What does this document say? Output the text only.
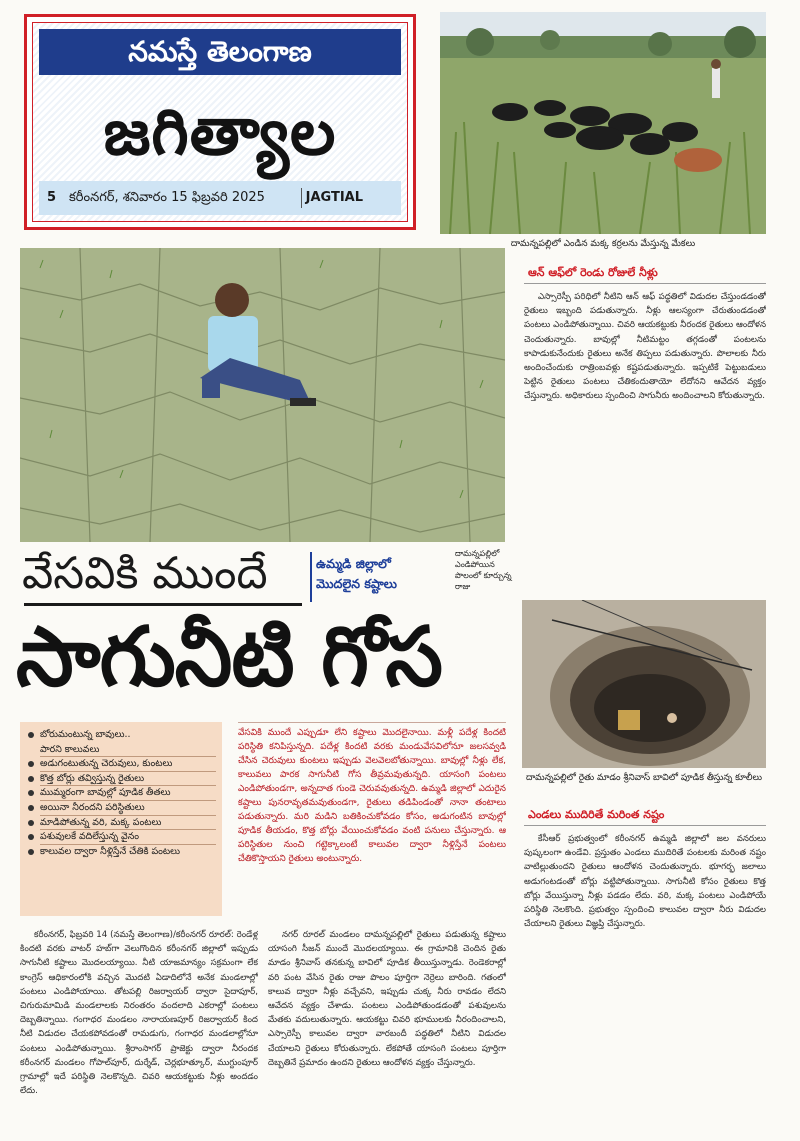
నమస్తే తెలంగాణ
జగిత్యాల
5 కరీంనగర్, శనివారం 15 ఫిబ్రవరి 2025	JAGTIAL
దామన్నపల్లిలో ఎండిన మక్క కర్రలను మేస్తున్న మేకలు
ఆన్ ఆఫ్‌లో రెండు రోజులే నీళ్లు

ఎస్సారెస్పీ పరిధిలో నీటిని ఆన్ ఆఫ్ పద్ధతిలో విడుదల చేస్తుండడంతో రైతులు ఇబ్బంది పడుతున్నారు. నీళ్లు ఆలస్యంగా చేరుతుండడంతో పంటలు ఎండిపోతున్నాయి. చివరి ఆయకట్టుకు నీరందక రైతులు ఆందోళన చెందుతున్నారు. బావుల్లో నీటిమట్టం తగ్గడంతో పంటలను కాపాడుకునేందుకు రైతులు అనేక తిప్పలు పడుతున్నారు. పొలాలకు నీరు అందించేందుకు రాత్రింబవళ్లు కష్టపడుతున్నారు. ఇప్పటికే పెట్టుబడులు పెట్టిన రైతులు పంటలు చేతికందుతాయో లేదోనని ఆవేదన వ్యక్తం చేస్తున్నారు. అధికారులు స్పందించి సాగునీరు అందించాలని కోరుతున్నారు.

వేసవికి ముందే	ఉమ్మడి జిల్లాలో
మొదలైన కష్టాలు
దామన్నపల్లిలో ఎండిపోయిన పొలంలో కూర్చున్న రాజు
సాగునీటి గోస
దామన్నపల్లిలో రైతు మాడం శ్రీనివాస్ బావిలో పూడిక తీస్తున్న కూలీలు
ఎండలు ముదిరితే మరింత నష్టం

కేసీఆర్ ప్రభుత్వంలో కరీంనగర్ ఉమ్మడి జిల్లాలో జల వనరులు పుష్కలంగా ఉండేవి. ప్రస్తుతం ఎండలు ముదిరితే పంటలకు మరింత నష్టం వాటిల్లుతుందని రైతులు ఆందోళన చెందుతున్నారు. భూగర్భ జలాలు అడుగంటడంతో బోర్లు వట్టిపోతున్నాయి. సాగునీటి కోసం రైతులు కొత్త బోర్లు వేయిస్తున్నా నీళ్లు పడడం లేదు. వరి, మక్క పంటలు ఎండిపోయే పరిస్థితి నెలకొంది. ప్రభుత్వం స్పందించి కాలువల ద్వారా నీరు విడుదల చేయాలని రైతులు విజ్ఞప్తి చేస్తున్నారు.

బోరుమంటున్న బావులు..
పారని కాలువలు
అడుగంటుతున్న చెరువులు, కుంటలు
కొత్త బోర్లు తవ్విస్తున్న రైతులు
ముమ్మరంగా బావుల్లో పూడిక తీతలు
అయినా నీరందని పరిస్థితులు
మాడిపోతున్న వరి, మక్క పంటలు
పశువులకే వదిలేస్తున్న వైనం
కాలువల ద్వారా నీళ్లిస్తేనే చేతికి పంటలు
వేసవికి ముందే ఎప్పుడూ లేని కష్టాలు మొదలైనాయి. మళ్లీ పదేళ్ల కిందటి పరిస్థితి కనిపిస్తున్నది. పదేళ్ల కిందటి వరకు మండువేసవిలోనూ జలసవ్వడి చేసిన చెరువులు కుంటలు ఇప్పుడు వెలవెలబోతున్నాయి. బావుల్లో నీళ్లు లేక, కాలువలు పారక సాగునీటి గోస తీవ్రమవుతున్నది. యాసంగి పంటలు ఎండిపోతుండగా, అన్నదాత గుండె చెరువవుతున్నది. ఉమ్మడి జిల్లాలో ఎదురైన కష్టాలు పునరావృతమవుతుండగా, రైతులు తడిపిండంతో నానా తంటాలు పడుతున్నారు. మరి మడిని బతికించుకోవడం కోసం, అడుగంటిన బావుల్లో పూడిక తీయడం, కొత్త బోర్లు వేయించుకోవడం వంటి పనులు చేస్తున్నారు. ఆ పరిస్థితుల నుంచి గట్టెక్కాలంటే కాలువల ద్వారా నీళ్లిస్తేనే పంటలు చేతికొస్తాయని రైతులు అంటున్నారు.

కరీంనగర్, ఫిబ్రవరి 14 (నమస్తే తెలంగాణ)/కరీంనగర్ రూరల్: రెండేళ్ల కిందటి వరకు వాటర్ హబ్‌గా వెలుగొందిన కరీంనగర్ జిల్లాలో ఇప్పుడు సాగునీటి కష్టాలు మొదలయ్యాయి. నీటి యాజమాన్యం సక్రమంగా లేక కాంగ్రెస్ ఆధికారంలోకి వచ్చిన మొదటి ఏడాదిలోనే అనేక మండలాల్లో పంటలు ఎండిపోయాయి. తోటపల్లి రిజర్వాయర్ ద్వారా సైదాపూర్, చిగురుమామిడి మండలాలకు నిరంతరం వందలాది ఎకరాల్లో పంటలు దెబ్బతిన్నాయి. గంగాధర మండలం నారాయణపూర్ రిజర్వాయర్ కింద నీటి విడుదల చేయకపోవడంతో రామడుగు, గంగాధర మండలాల్లోనూ పంటలు ఎండిపోతున్నాయి. శ్రీరాంసాగర్ ప్రాజెక్టు ద్వారా నీరందక కరీంనగర్ మండలం గోపాల్‌పూర్, దుర్శేడ్, చెర్లభూత్కూర్, ముగ్దుంపూర్ గ్రామాల్లో ఇదే పరిస్థితి నెలకొన్నది. చివరి ఆయకట్టుకు నీళ్లు అందడం లేదు.

నగర్ రూరల్ మండలం దామన్నపల్లిలో రైతులు పడుతున్న కష్టాలు యాసంగి సీజన్ ముందే మొదలయ్యాయి. ఈ గ్రామానికి చెందిన రైతు మాడం శ్రీనివాస్ తనకున్న బావిలో పూడిక తీయిస్తున్నాడు. రెండెకరాల్లో వరి పంట వేసిన రైతు రాజు పొలం పూర్తిగా నెర్రెలు బారింది. గతంలో కాలువ ద్వారా నీళ్లు వచ్చేవని, ఇప్పుడు చుక్క నీరు రావడం లేదని ఆవేదన వ్యక్తం చేశాడు. పంటలు ఎండిపోతుండడంతో పశువులను మేతకు వదులుతున్నారు. ఆయకట్టు చివరి భూములకు నీరందించాలని, ఎస్సారెస్పీ కాలువల ద్వారా వారబందీ పద్ధతిలో నీటిని విడుదల చేయాలని రైతులు కోరుతున్నారు. లేకపోతే యాసంగి పంటలు పూర్తిగా దెబ్బతినే ప్రమాదం ఉందని రైతులు ఆందోళన వ్యక్తం చేస్తున్నారు.
